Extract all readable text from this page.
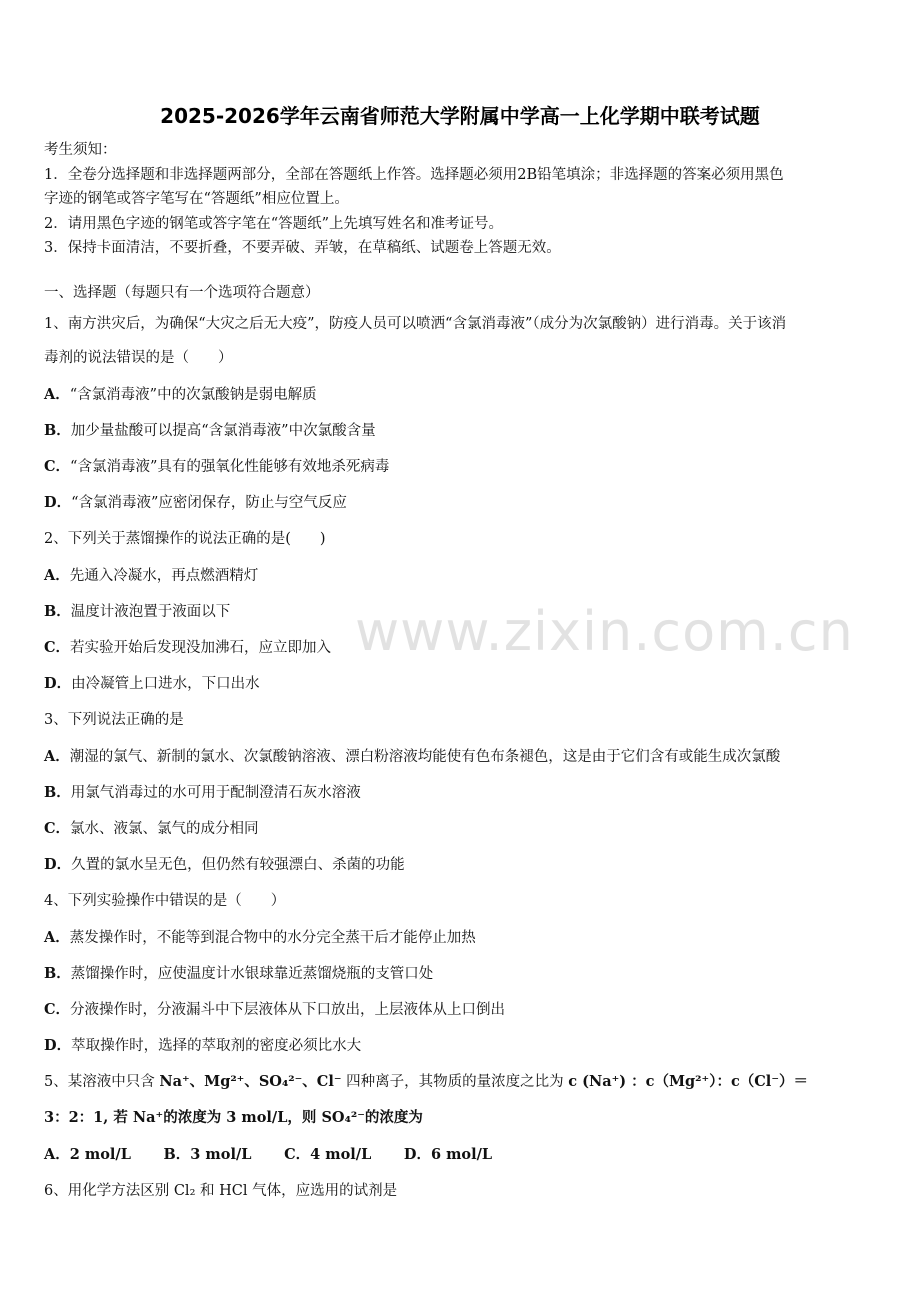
2025-2026学年云南省师范大学附属中学高一上化学期中联考试题

考生须知：

1．全卷分选择题和非选择题两部分，全部在答题纸上作答。选择题必须用2B铅笔填涂；非选择题的答案必须用黑色

字迹的钢笔或答字笔写在“答题纸”相应位置上。

2．请用黑色字迹的钢笔或答字笔在“答题纸”上先填写姓名和准考证号。

3．保持卡面清洁，不要折叠，不要弄破、弄皱，在草稿纸、试题卷上答题无效。

一、选择题（每题只有一个选项符合题意）
1、南方洪灾后，为确保“大灾之后无大疫”，防疫人员可以喷洒“含氯消毒液”（成分为次氯酸钠）进行消毒。关于该消
毒剂的说法错误的是（　　）
A．“含氯消毒液”中的次氯酸钠是弱电解质
B．加少量盐酸可以提高“含氯消毒液”中次氯酸含量
C．“含氯消毒液”具有的强氧化性能够有效地杀死病毒
D．“含氯消毒液”应密闭保存，防止与空气反应
2、下列关于蒸馏操作的说法正确的是(　　)
A．先通入冷凝水，再点燃酒精灯
B．温度计液泡置于液面以下
C．若实验开始后发现没加沸石，应立即加入
D．由冷凝管上口进水，下口出水
3、下列说法正确的是
A．潮湿的氯气、新制的氯水、次氯酸钠溶液、漂白粉溶液均能使有色布条褪色，这是由于它们含有或能生成次氯酸
B．用氯气消毒过的水可用于配制澄清石灰水溶液
C．氯水、液氯、氯气的成分相同
D．久置的氯水呈无色，但仍然有较强漂白、杀菌的功能
4、下列实验操作中错误的是（　　）
A．蒸发操作时，不能等到混合物中的水分完全蒸干后才能停止加热
B．蒸馏操作时，应使温度计水银球靠近蒸馏烧瓶的支管口处
C．分液操作时，分液漏斗中下层液体从下口放出，上层液体从上口倒出
D．萃取操作时，选择的萃取剂的密度必须比水大
5、某溶液中只含 Na⁺、Mg²⁺、SO₄²⁻、Cl⁻ 四种离子，其物质的量浓度之比为 c (Na⁺) ：c（Mg²⁺）：c（Cl⁻）＝
3：2：1, 若 Na⁺的浓度为 3 mol/L，则 SO₄²⁻的浓度为
A．2 mol/L B．3 mol/L C．4 mol/L D．6 mol/L
6、用化学方法区别 Cl₂ 和 HCl 气体，应选用的试剂是
www.zixin.com.cn
